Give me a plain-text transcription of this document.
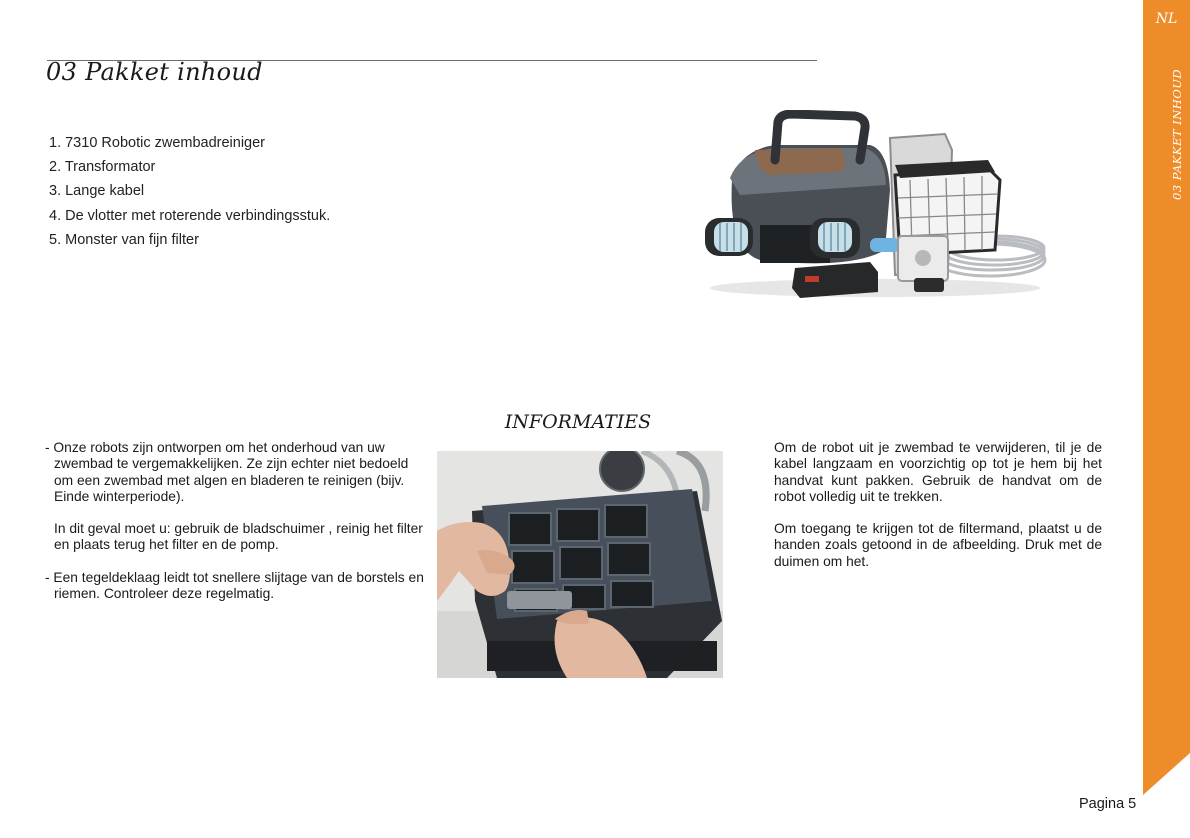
03 Pakket inhoud
1. 7310 Robotic zwembadreiniger
2. Transformator
3. Lange kabel
4. De vlotter met roterende verbindingsstuk.
5. Monster van fijn filter
NL
03 PAKKET INHOUD
INFORMATIES

- Onze robots zijn ontworpen om het onderhoud van uw zwembad te vergemakkelijken. Ze zijn echter niet bedoeld om een zwembad met algen en bladeren te reinigen (bijv. Einde winterperiode).

In dit geval moet u: gebruik de bladschuimer , reinig het filter en plaats terug het filter en de pomp.

- Een tegeldeklaag leidt tot snellere slijtage van de borstels en riemen. Controleer deze regelmatig.

Om de robot uit je zwembad te verwijderen, til je de kabel langzaam en voorzichtig op tot je hem bij het handvat kunt pakken. Gebruik de handvat om de robot volledig uit te trekken.

Om toegang te krijgen tot de filtermand, plaatst u de handen zoals getoond in de afbeelding. Druk met de duimen om het.

Pagina 5
